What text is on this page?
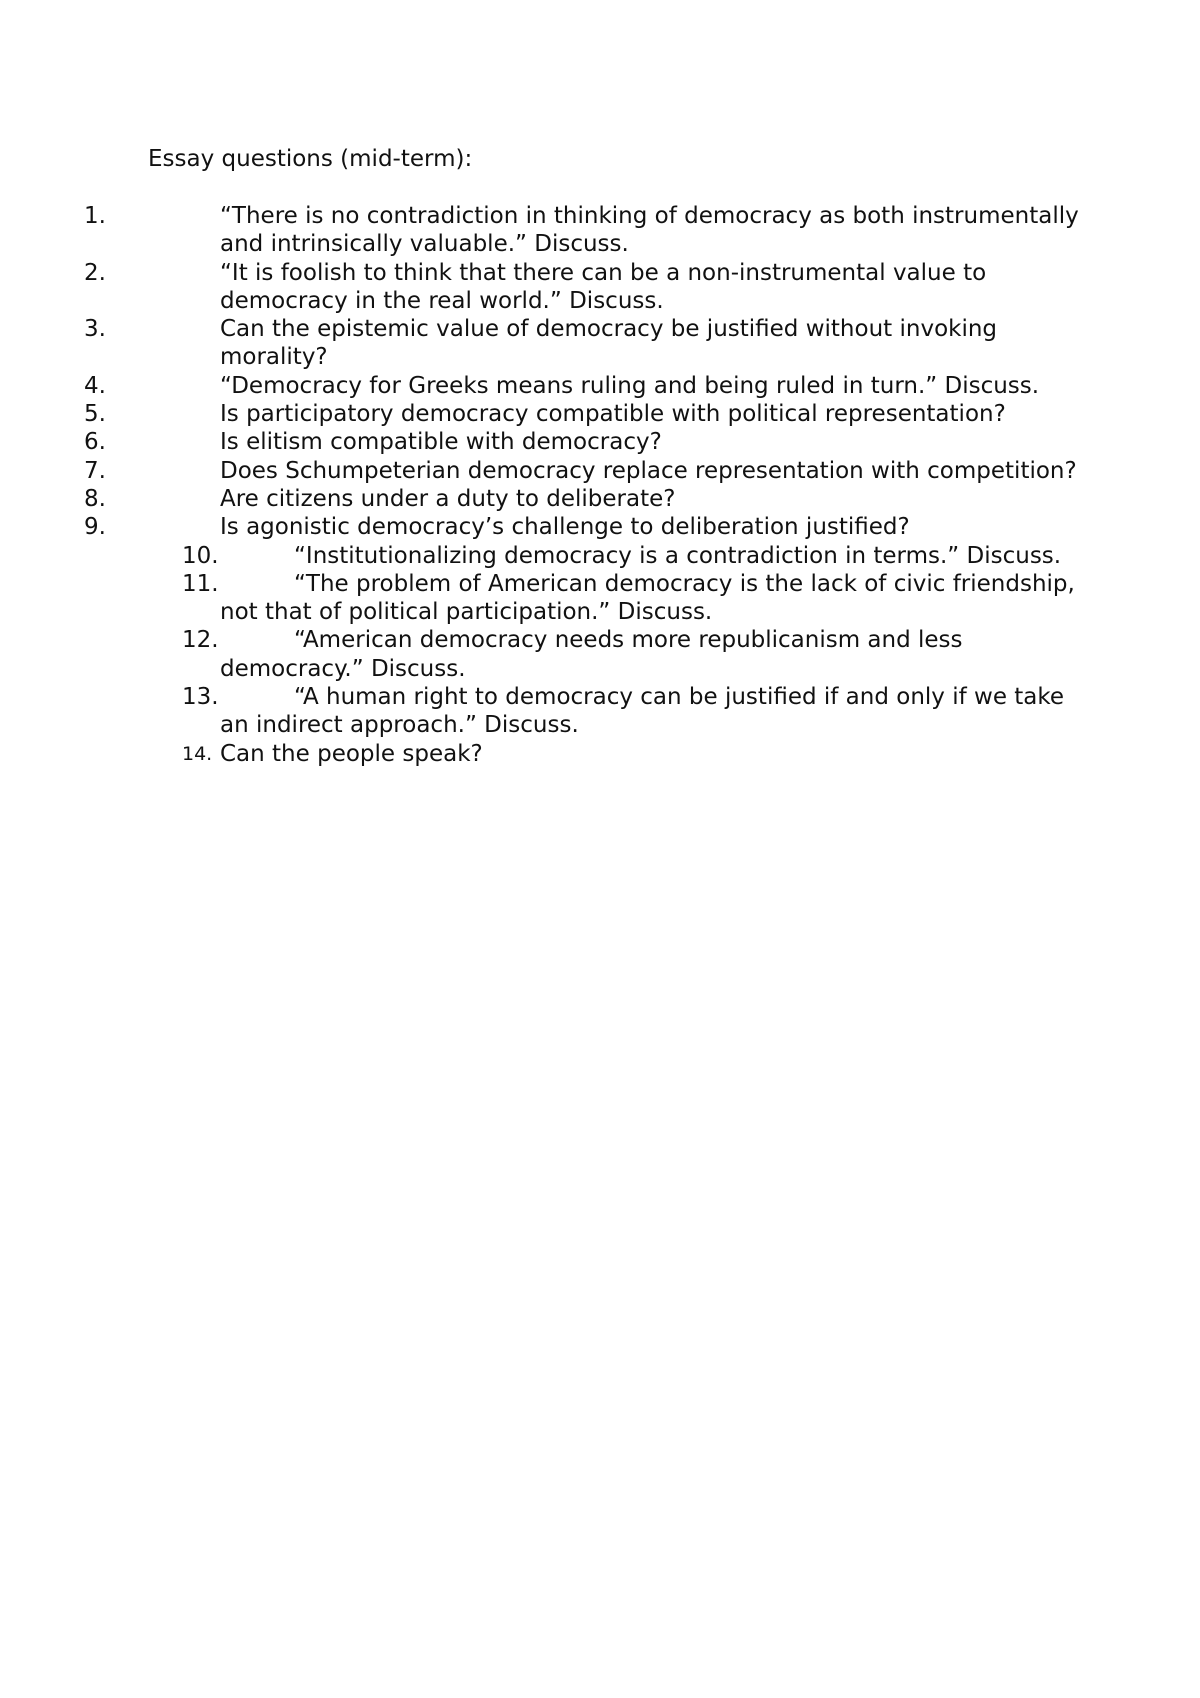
Essay questions (mid-term):
1.	“There is no contradiction in thinking of democracy as both instrumentally and intrinsically valuable.” Discuss.
2.	“It is foolish to think that there can be a non-instrumental value to democracy in the real world.” Discuss.
3.	Can the epistemic value of democracy be justified without invoking morality?
4.	“Democracy for Greeks means ruling and being ruled in turn.” Discuss.
5.	Is participatory democracy compatible with political representation?
6.	Is elitism compatible with democracy?
7.	Does Schumpeterian democracy replace representation with competition?
8.	Are citizens under a duty to deliberate?
9.	Is agonistic democracy’s challenge to deliberation justified?
10.	“Institutionalizing democracy is a contradiction in terms.” Discuss.
11.	“The problem of American democracy is the lack of civic friendship, not that of political participation.” Discuss.
12.	“American democracy needs more republicanism and less democracy.” Discuss.
13.	“A human right to democracy can be justified if and only if we take an indirect approach.” Discuss.
14. Can the people speak?
